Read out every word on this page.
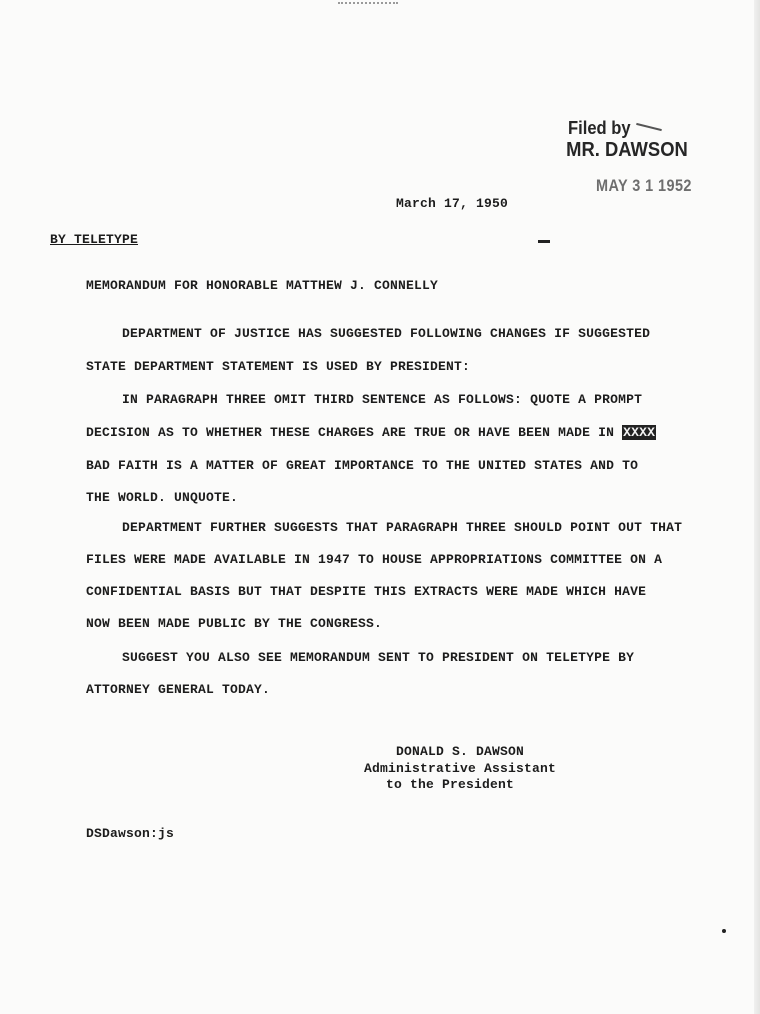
Filed by
MR. DAWSON
MAY 3 1 1952
March 17, 1950
BY TELETYPE
MEMORANDUM FOR HONORABLE MATTHEW J. CONNELLY
DEPARTMENT OF JUSTICE HAS SUGGESTED FOLLOWING CHANGES IF SUGGESTED
STATE DEPARTMENT STATEMENT IS USED BY PRESIDENT:
IN PARAGRAPH THREE OMIT THIRD SENTENCE AS FOLLOWS: QUOTE A PROMPT
DECISION AS TO WHETHER THESE CHARGES ARE TRUE OR HAVE BEEN MADE IN XXXX
BAD FAITH IS A MATTER OF GREAT IMPORTANCE TO THE UNITED STATES AND TO
THE WORLD. UNQUOTE.
DEPARTMENT FURTHER SUGGESTS THAT PARAGRAPH THREE SHOULD POINT OUT THAT
FILES WERE MADE AVAILABLE IN 1947 TO HOUSE APPROPRIATIONS COMMITTEE ON A
CONFIDENTIAL BASIS BUT THAT DESPITE THIS EXTRACTS WERE MADE WHICH HAVE
NOW BEEN MADE PUBLIC BY THE CONGRESS.
SUGGEST YOU ALSO SEE MEMORANDUM SENT TO PRESIDENT ON TELETYPE BY
ATTORNEY GENERAL TODAY.
DONALD S. DAWSON
Administrative Assistant
to the President
DSDawson:js
